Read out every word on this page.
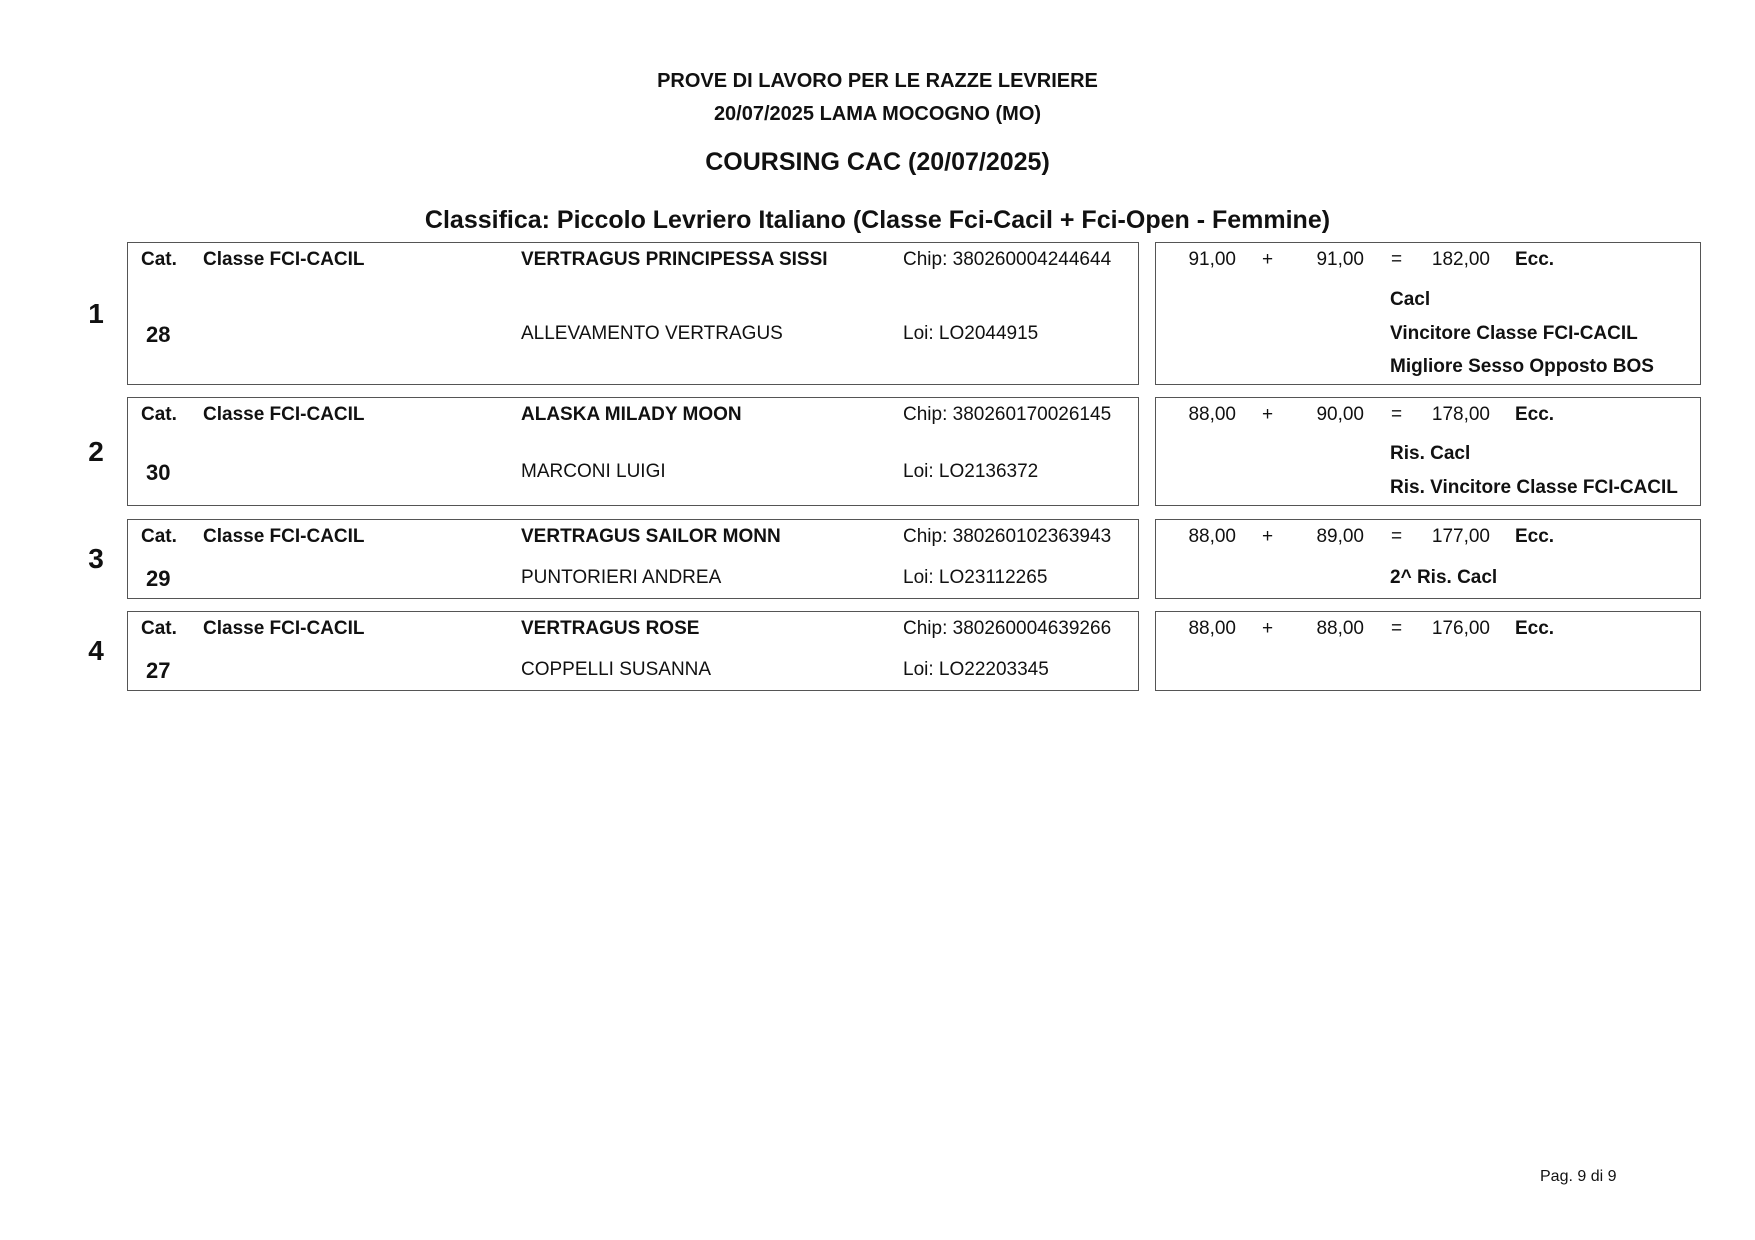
PROVE DI LAVORO PER LE RAZZE LEVRIERE
20/07/2025 LAMA MOCOGNO (MO)
COURSING CAC (20/07/2025)
Classifica: Piccolo Levriero Italiano (Classe Fci-Cacil + Fci-Open - Femmine)
1
Cat. Classe FCI-CACIL	VERTRAGUS PRINCIPESSA SISSI	Chip: 380260004244644
28	ALLEVAMENTO VERTRAGUS	Loi: LO2044915
91,00 +	91,00 = 182,00 Ecc.
Cacl
Vincitore Classe FCI-CACIL
Migliore Sesso Opposto BOS
2
Cat. Classe FCI-CACIL	ALASKA MILADY MOON	Chip: 380260170026145
30	MARCONI LUIGI	Loi: LO2136372
88,00 +	90,00 = 178,00 Ecc.
Ris. Cacl
Ris. Vincitore Classe FCI-CACIL
3
Cat. Classe FCI-CACIL	VERTRAGUS SAILOR MONN	Chip: 380260102363943
29	PUNTORIERI ANDREA	Loi: LO23112265
88,00 +	89,00 = 177,00 Ecc.
2^ Ris. Cacl
4
Cat. Classe FCI-CACIL	VERTRAGUS ROSE	Chip: 380260004639266
27	COPPELLI SUSANNA	Loi: LO22203345
88,00 +	88,00 = 176,00 Ecc.
Pag. 9 di 9
